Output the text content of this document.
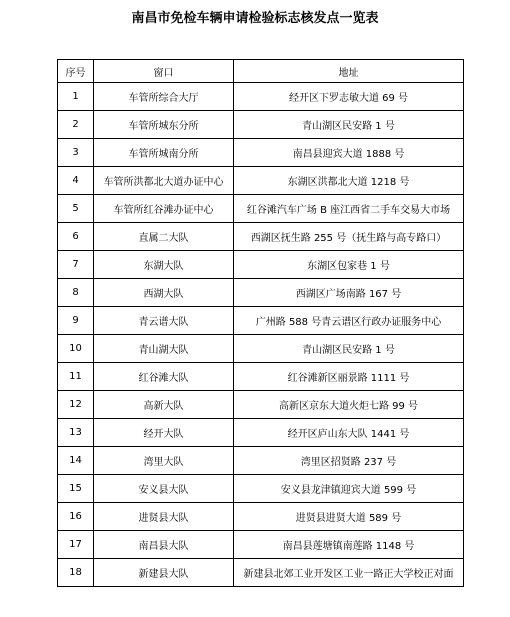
南昌市免检车辆申请检验标志核发点一览表
序号	窗口	地址
1	车管所综合大厅	经开区下罗志敏大道 69 号
2	车管所城东分所	青山湖区民安路 1 号
3	车管所城南分所	南昌县迎宾大道 1888 号
4	车管所洪都北大道办证中心	东湖区洪都北大道 1218 号
5	车管所红谷滩办证中心	红谷滩汽车广场 B 座江西省二手车交易大市场
6	直属二大队	西湖区抚生路 255 号（抚生路与高专路口）
7	东湖大队	东湖区包家巷 1 号
8	西湖大队	西湖区广场南路 167 号
9	青云谱大队	广州路 588 号青云谱区行政办证服务中心
10	青山湖大队	青山湖区民安路 1 号
11	红谷滩大队	红谷滩新区丽景路 1111 号
12	高新大队	高新区京东大道火炬七路 99 号
13	经开大队	经开区庐山东大队 1441 号
14	湾里大队	湾里区招贤路 237 号
15	安义县大队	安义县龙津镇迎宾大道 599 号
16	进贤县大队	进贤县进贤大道 589 号
17	南昌县大队	南昌县莲塘镇南莲路 1148 号
18	新建县大队	新建县北郊工业开发区工业一路正大学校正对面
